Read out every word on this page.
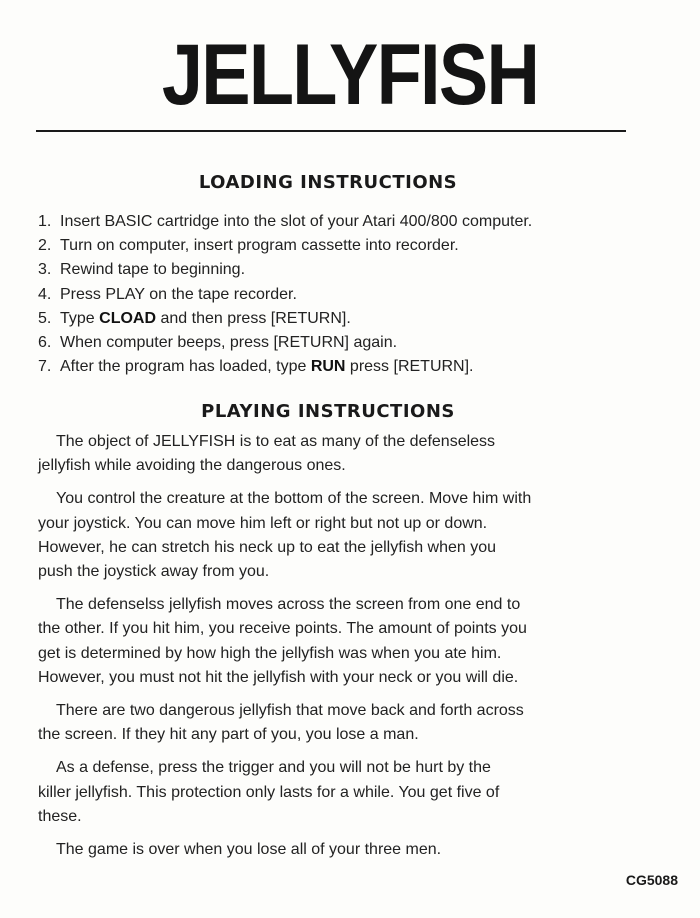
JELLYFISH
LOADING INSTRUCTIONS
1. Insert BASIC cartridge into the slot of your Atari 400/800 computer.
2. Turn on computer, insert program cassette into recorder.
3. Rewind tape to beginning.
4. Press PLAY on the tape recorder.
5. Type CLOAD and then press [RETURN].
6. When computer beeps, press [RETURN] again.
7. After the program has loaded, type RUN press [RETURN].
PLAYING INSTRUCTIONS

The object of JELLYFISH is to eat as many of the defenseless
jellyfish while avoiding the dangerous ones.

You control the creature at the bottom of the screen. Move him with
your joystick. You can move him left or right but not up or down.
However, he can stretch his neck up to eat the jellyfish when you
push the joystick away from you.

The defenselss jellyfish moves across the screen from one end to
the other. If you hit him, you receive points. The amount of points you
get is determined by how high the jellyfish was when you ate him.
However, you must not hit the jellyfish with your neck or you will die.

There are two dangerous jellyfish that move back and forth across
the screen. If they hit any part of you, you lose a man.

As a defense, press the trigger and you will not be hurt by the
killer jellyfish. This protection only lasts for a while. You get five of
these.

The game is over when you lose all of your three men.

CG5088
